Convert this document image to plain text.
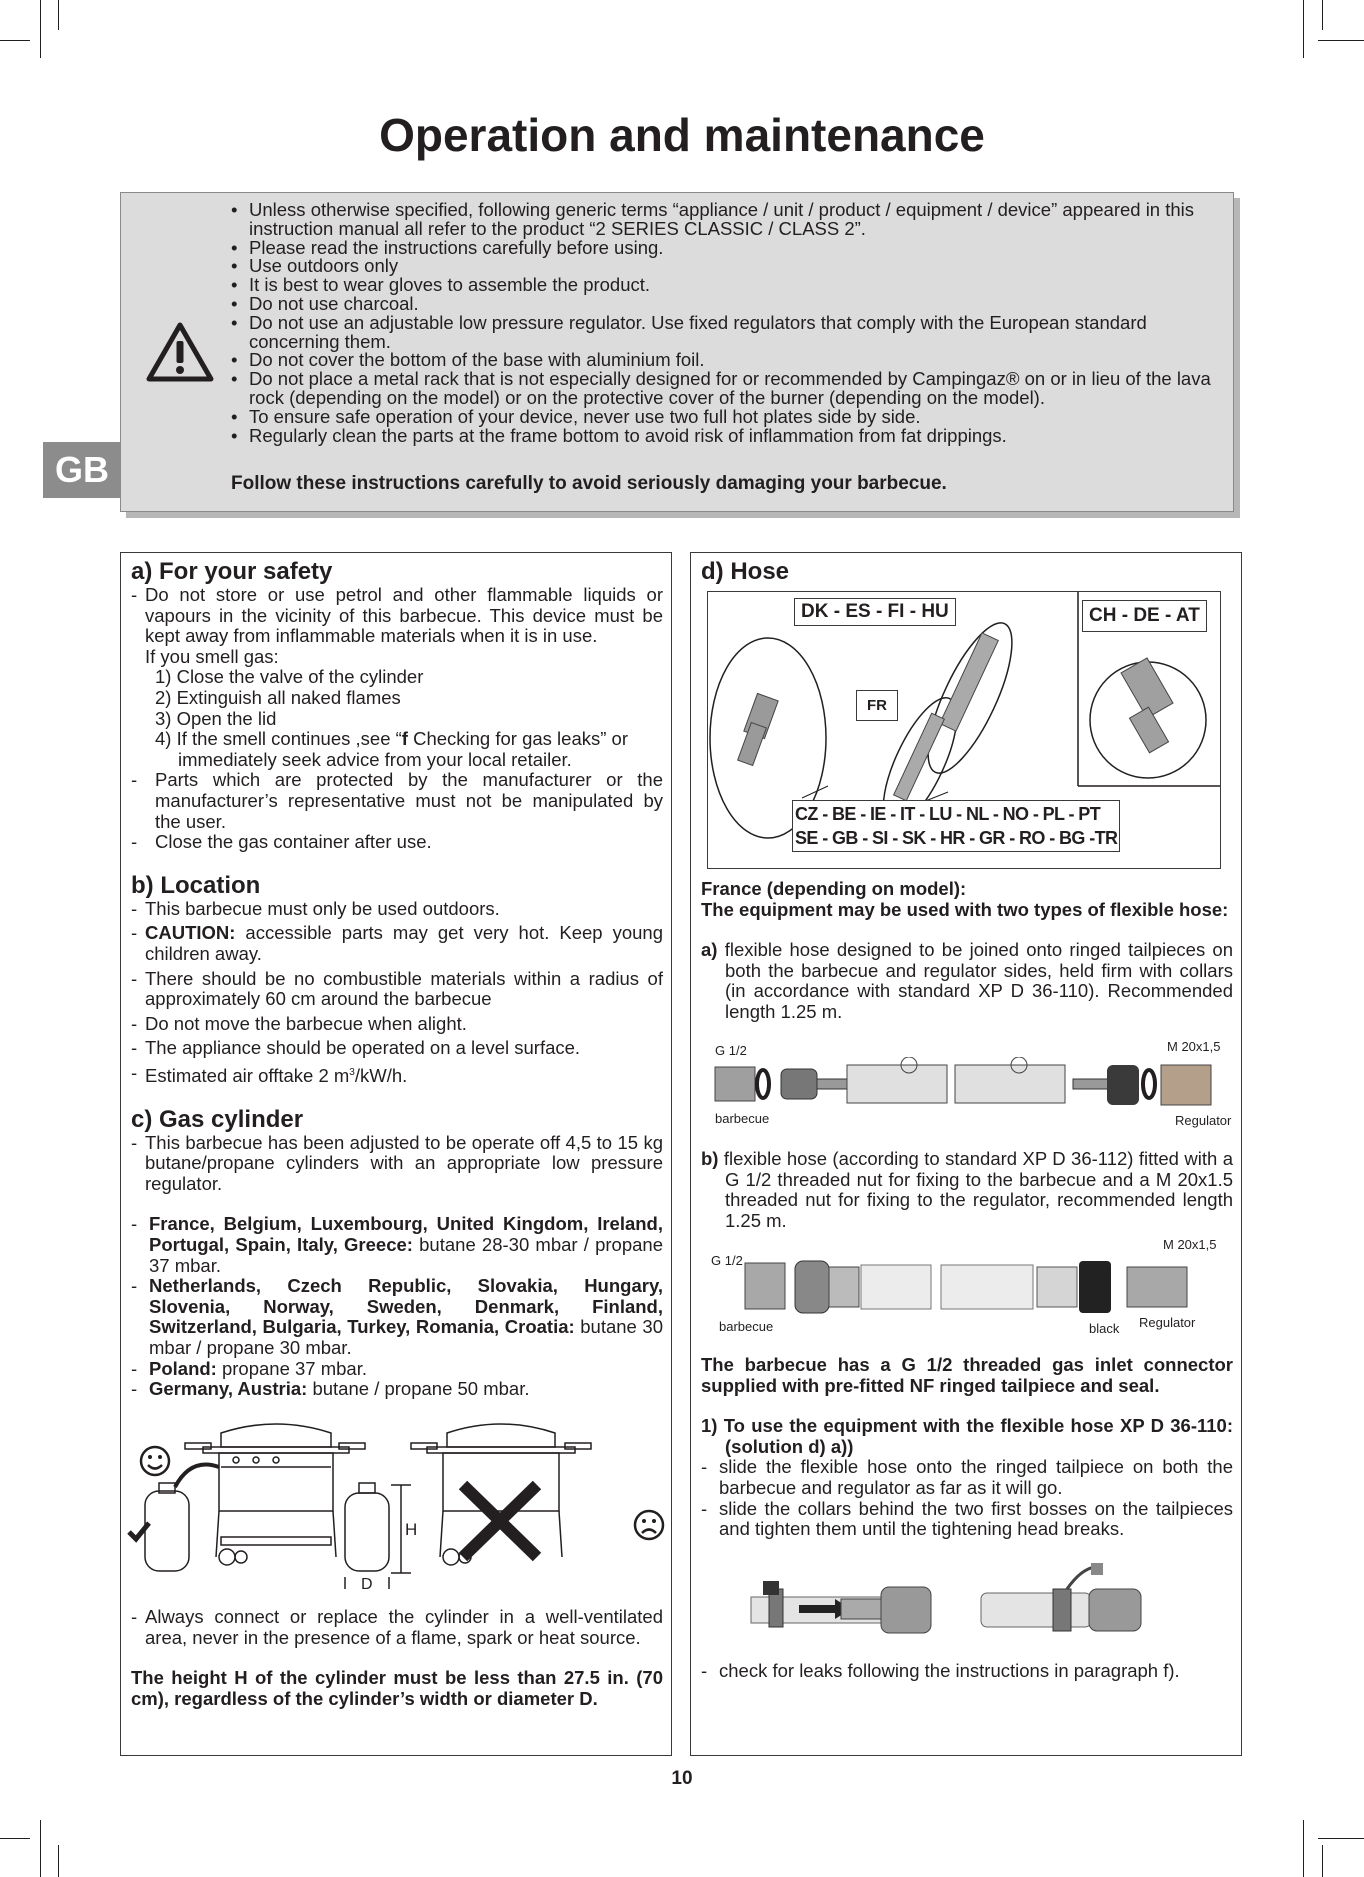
Operation and maintenance
GB
• Unless otherwise specified, following generic terms “appliance / unit / product / equipment / device” appeared in this instruction manual all refer to the product “2 SERIES CLASSIC / CLASS 2”.
• Please read the instructions carefully before using.
• Use outdoors only
• It is best to wear gloves to assemble the product.
• Do not use charcoal.
• Do not use an adjustable low pressure regulator. Use fixed regulators that comply with the European standard concerning them.
• Do not cover the bottom of the base with aluminium foil.
• Do not place a metal rack that is not especially designed for or recommended by Campingaz® on or in lieu of the lava rock (depending on the model) or on the protective cover of the burner (depending on the model).
• To ensure safe operation of your device, never use two full hot plates side by side.
• Regularly clean the parts at the frame bottom to avoid risk of inflammation from fat drippings.
Follow these instructions carefully to avoid seriously damaging your barbecue.
a) For your safety

- Do not store or use petrol and other flammable liquids or vapours in the vicinity of this barbecue. This device must be kept away from inflammable materials when it is in use.

If you smell gas:

1) Close the valve of the cylinder

2) Extinguish all naked flames

3) Open the lid

4) If the smell continues ,see “f Checking for gas leaks” or immediately seek advice from your local retailer.

- Parts which are protected by the manufacturer or the manufacturer’s representative must not be manipulated by the user.

- Close the gas container after use.

b) Location

- This barbecue must only be used outdoors.

- CAUTION: accessible parts may get very hot. Keep young children away.

- There should be no combustible materials within a radius of approximately 60 cm around the barbecue

- Do not move the barbecue when alight.

- The appliance should be operated on a level surface.

- Estimated air offtake 2 $m^3/kW/h$.

c) Gas cylinder

- This barbecue has been adjusted to be operate off 4,5 to 15 kg butane/propane cylinders with an appropriate low pressure regulator.

- France, Belgium, Luxembourg, United Kingdom, Ireland, Portugal, Spain, Italy, Greece: butane 28-30 mbar / propane 37 mbar.

- Netherlands, Czech Republic, Slovakia, Hungary, Slovenia, Norway, Sweden, Denmark, Finland, Switzerland, Bulgaria, Turkey, Romania, Croatia: butane 30 mbar / propane 30 mbar.

- Poland: propane 37 mbar.

- Germany, Austria: butane / propane 50 mbar.

H
D

- Always connect or replace the cylinder in a well-ventilated area, never in the presence of a flame, spark or heat source.

The height H of the cylinder must be less than 27.5 in. (70 cm), regardless of the cylinder’s width or diameter D.

d) Hose
DK - ES - FI - HU	CH - DE - AT
FR
CZ - BE - IE - IT - LU - NL - NO - PL - PT
SE - GB - SI - SK - HR - GR - RO - BG -TR

France (depending on model):

The equipment may be used with two types of flexible hose:

a) flexible hose designed to be joined onto ringed tailpieces on both the barbecue and regulator sides, held firm with collars (in accordance with standard XP D 36-110). Recommended length 1.25 m.

G 1/2	M 20x1,5
barbecue	Regulator

b) flexible hose (according to standard XP D 36-112) fitted with a G 1/2 threaded nut for fixing to the barbecue and a M 20x1.5 threaded nut for fixing to the regulator, recommended length 1.25 m.

G 1/2
M 20x1,5
barbecue	black Regulator

The barbecue has a G 1/2 threaded gas inlet connector supplied with pre-fitted NF ringed tailpiece and seal.

1) To use the equipment with the flexible hose XP D 36-110: (solution d) a))

- slide the flexible hose onto the ringed tailpiece on both the barbecue and regulator as far as it will go.

- slide the collars behind the two first bosses on the tailpieces and tighten them until the tightening head breaks.

- check for leaks following the instructions in paragraph f).

10
